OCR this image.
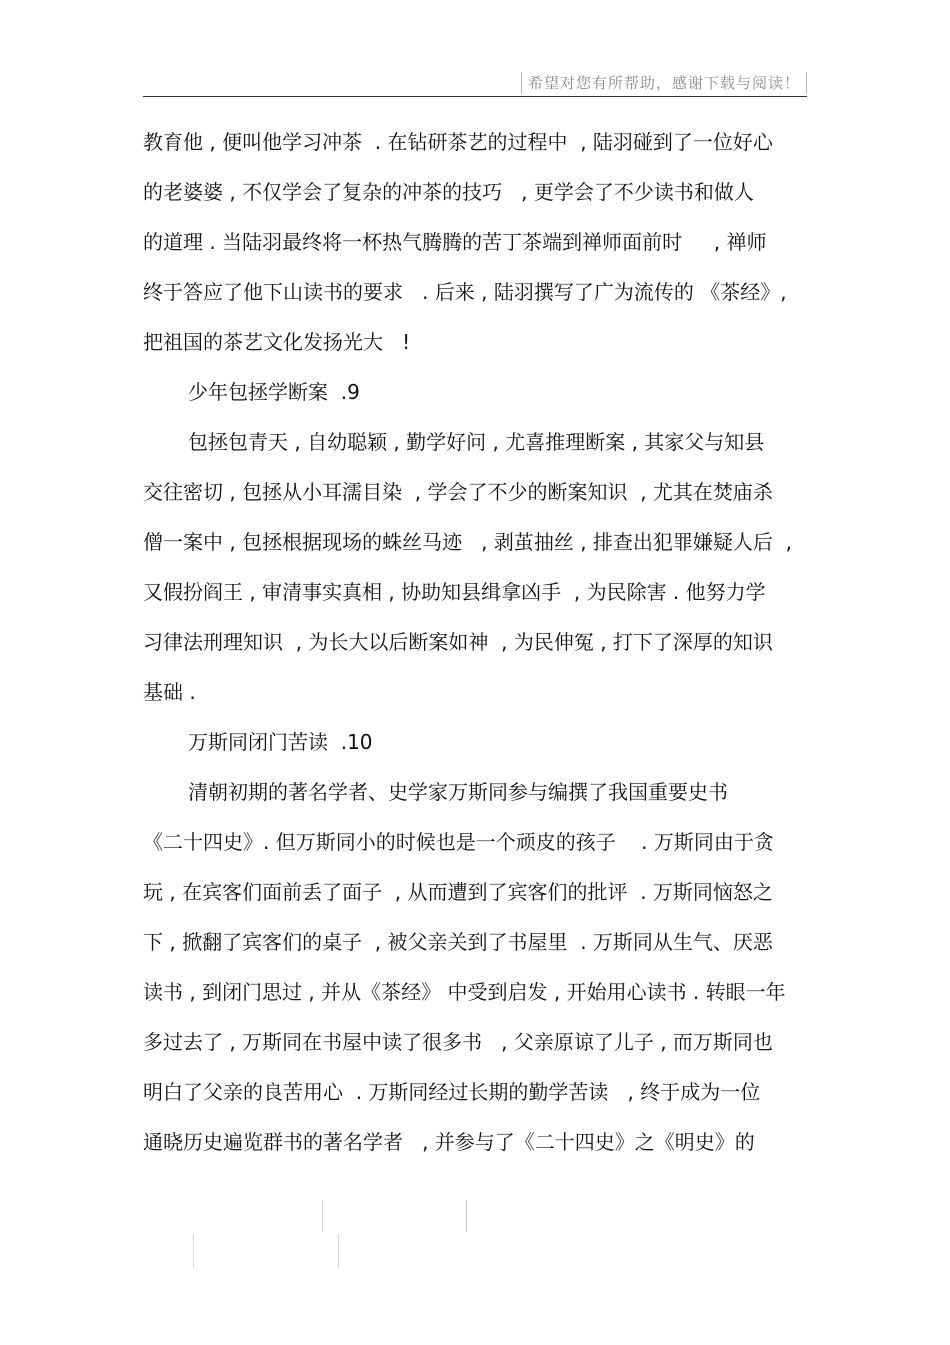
希望对您有所帮助，感谢下载与阅读！
教育他 , 便叫他学习冲茶  . 在钻研茶艺的过程中  , 陆羽碰到了一位好心
的老婆婆 , 不仅学会了复杂的冲茶的技巧   , 更学会了不少读书和做人
的道理 . 当陆羽最终将一杯热气腾腾的苦丁茶端到禅师面前时     , 禅师
终于答应了他下山读书的要求   . 后来 , 陆羽撰写了广为流传的 《茶经》,
把祖国的茶艺文化发扬光大   !
少年包拯学断案  .9
包拯包青天 , 自幼聪颖 , 勤学好问 , 尤喜推理断案 , 其家父与知县
交往密切 , 包拯从小耳濡目染  , 学会了不少的断案知识  , 尤其在焚庙杀
僧一案中 , 包拯根据现场的蛛丝马迹   , 剥茧抽丝 , 排查出犯罪嫌疑人后  ,
又假扮阎王 , 审清事实真相 , 协助知县缉拿凶手  , 为民除害 . 他努力学
习律法刑理知识  , 为长大以后断案如神  , 为民伸冤 , 打下了深厚的知识
基础 .
万斯同闭门苦读  .10
清朝初期的著名学者、史学家万斯同参与编撰了我国重要史书
《二十四史》. 但万斯同小的时候也是一个顽皮的孩子    . 万斯同由于贪
玩 , 在宾客们面前丢了面子  , 从而遭到了宾客们的批评  . 万斯同恼怒之
下 , 掀翻了宾客们的桌子  , 被父亲关到了书屋里  . 万斯同从生气、厌恶
读书 , 到闭门思过 , 并从《茶经》 中受到启发 , 开始用心读书 . 转眼一年
多过去了 , 万斯同在书屋中读了很多书   , 父亲原谅了儿子 , 而万斯同也
明白了父亲的良苦用心  . 万斯同经过长期的勤学苦读   , 终于成为一位
通晓历史遍览群书的著名学者   , 并参与了《二十四史》之《明史》的
